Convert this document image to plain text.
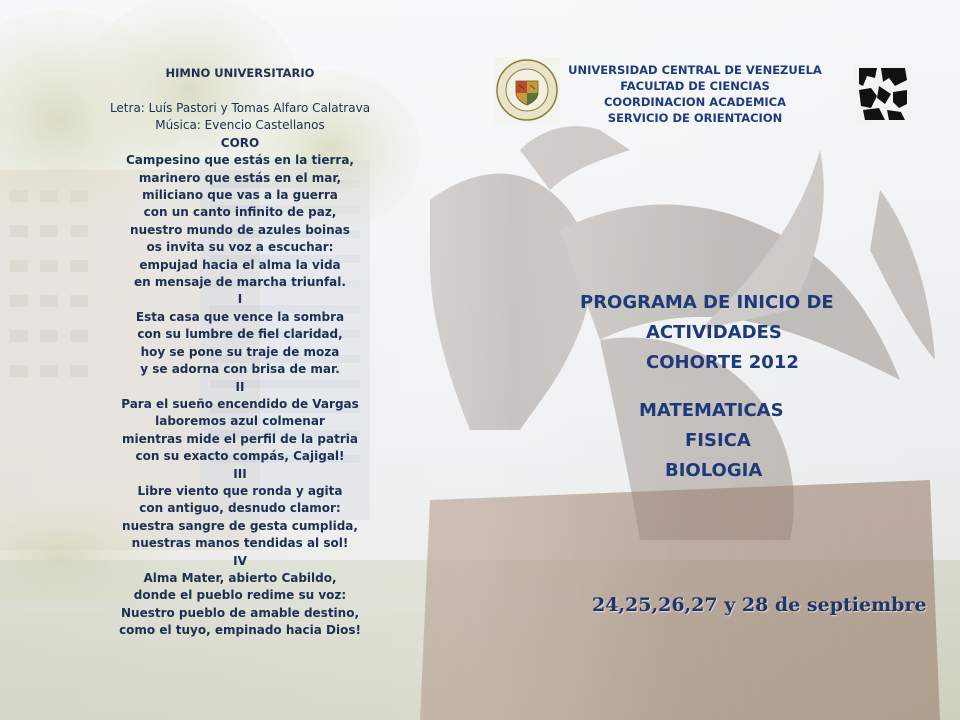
HIMNO UNIVERSITARIO
Letra: Luís Pastori y Tomas Alfaro Calatrava
Música: Evencio Castellanos
CORO
Campesino que estás en la tierra,
marinero que estás en el mar,
miliciano que vas a la guerra
con un canto infinito de paz,
nuestro mundo de azules boinas
os invita su voz a escuchar:
empujad hacia el alma la vida
en mensaje de marcha triunfal.
I
Esta casa que vence la sombra
con su lumbre de fiel claridad,
hoy se pone su traje de moza
y se adorna con brisa de mar.
II
Para el sueño encendido de Vargas
laboremos azul colmenar
mientras mide el perfil de la patria
con su exacto compás, Cajigal!
III
Libre viento que ronda y agita
con antiguo, desnudo clamor:
nuestra sangre de gesta cumplida,
nuestras manos tendidas al sol!
IV
Alma Mater, abierto Cabildo,
donde el pueblo redime su voz:
Nuestro pueblo de amable destino,
como el tuyo, empinado hacia Dios!
UNIVERSIDAD CENTRAL DE VENEZUELA
FACULTAD DE CIENCIAS
COORDINACION ACADEMICA
SERVICIO DE ORIENTACION
PROGRAMA DE INICIO DE
ACTIVIDADES
COHORTE 2012
MATEMATICAS
FISICA
BIOLOGIA
24,25,26,27 y 28 de septiembre
